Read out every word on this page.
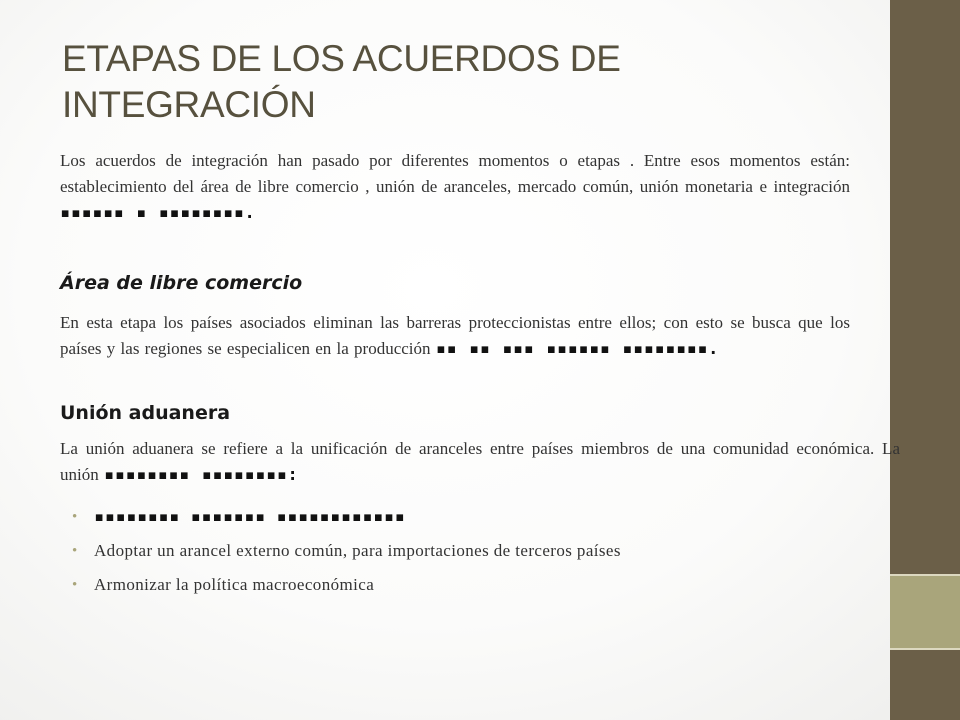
ETAPAS DE LOS ACUERDOS DE INTEGRACIÓN

Los acuerdos de integración han pasado por diferentes momentos o etapas . Entre esos momentos están: establecimiento del área de libre comercio , unión de aranceles, mercado común, unión monetaria e integración ▪▪▪▪▪▪ ▪ ▪▪▪▪▪▪▪▪.

Área de libre comercio

En esta etapa los países asociados eliminan las barreras proteccionistas entre ellos; con esto se busca que los países y las regiones se especialicen en la producción ▪▪ ▪▪ ▪▪▪ ▪▪▪▪▪▪ ▪▪▪▪▪▪▪▪.

Unión aduanera

La unión aduanera se refiere a la unificación de aranceles entre países miembros de una comunidad económica. La unión ▪▪▪▪▪▪▪▪ ▪▪▪▪▪▪▪▪:

• ▪▪▪▪▪▪▪▪ ▪▪▪▪▪▪▪ ▪▪▪▪▪▪▪▪▪▪▪▪
• Adoptar un arancel externo común, para importaciones de terceros países
• Armonizar la política macroeconómica
